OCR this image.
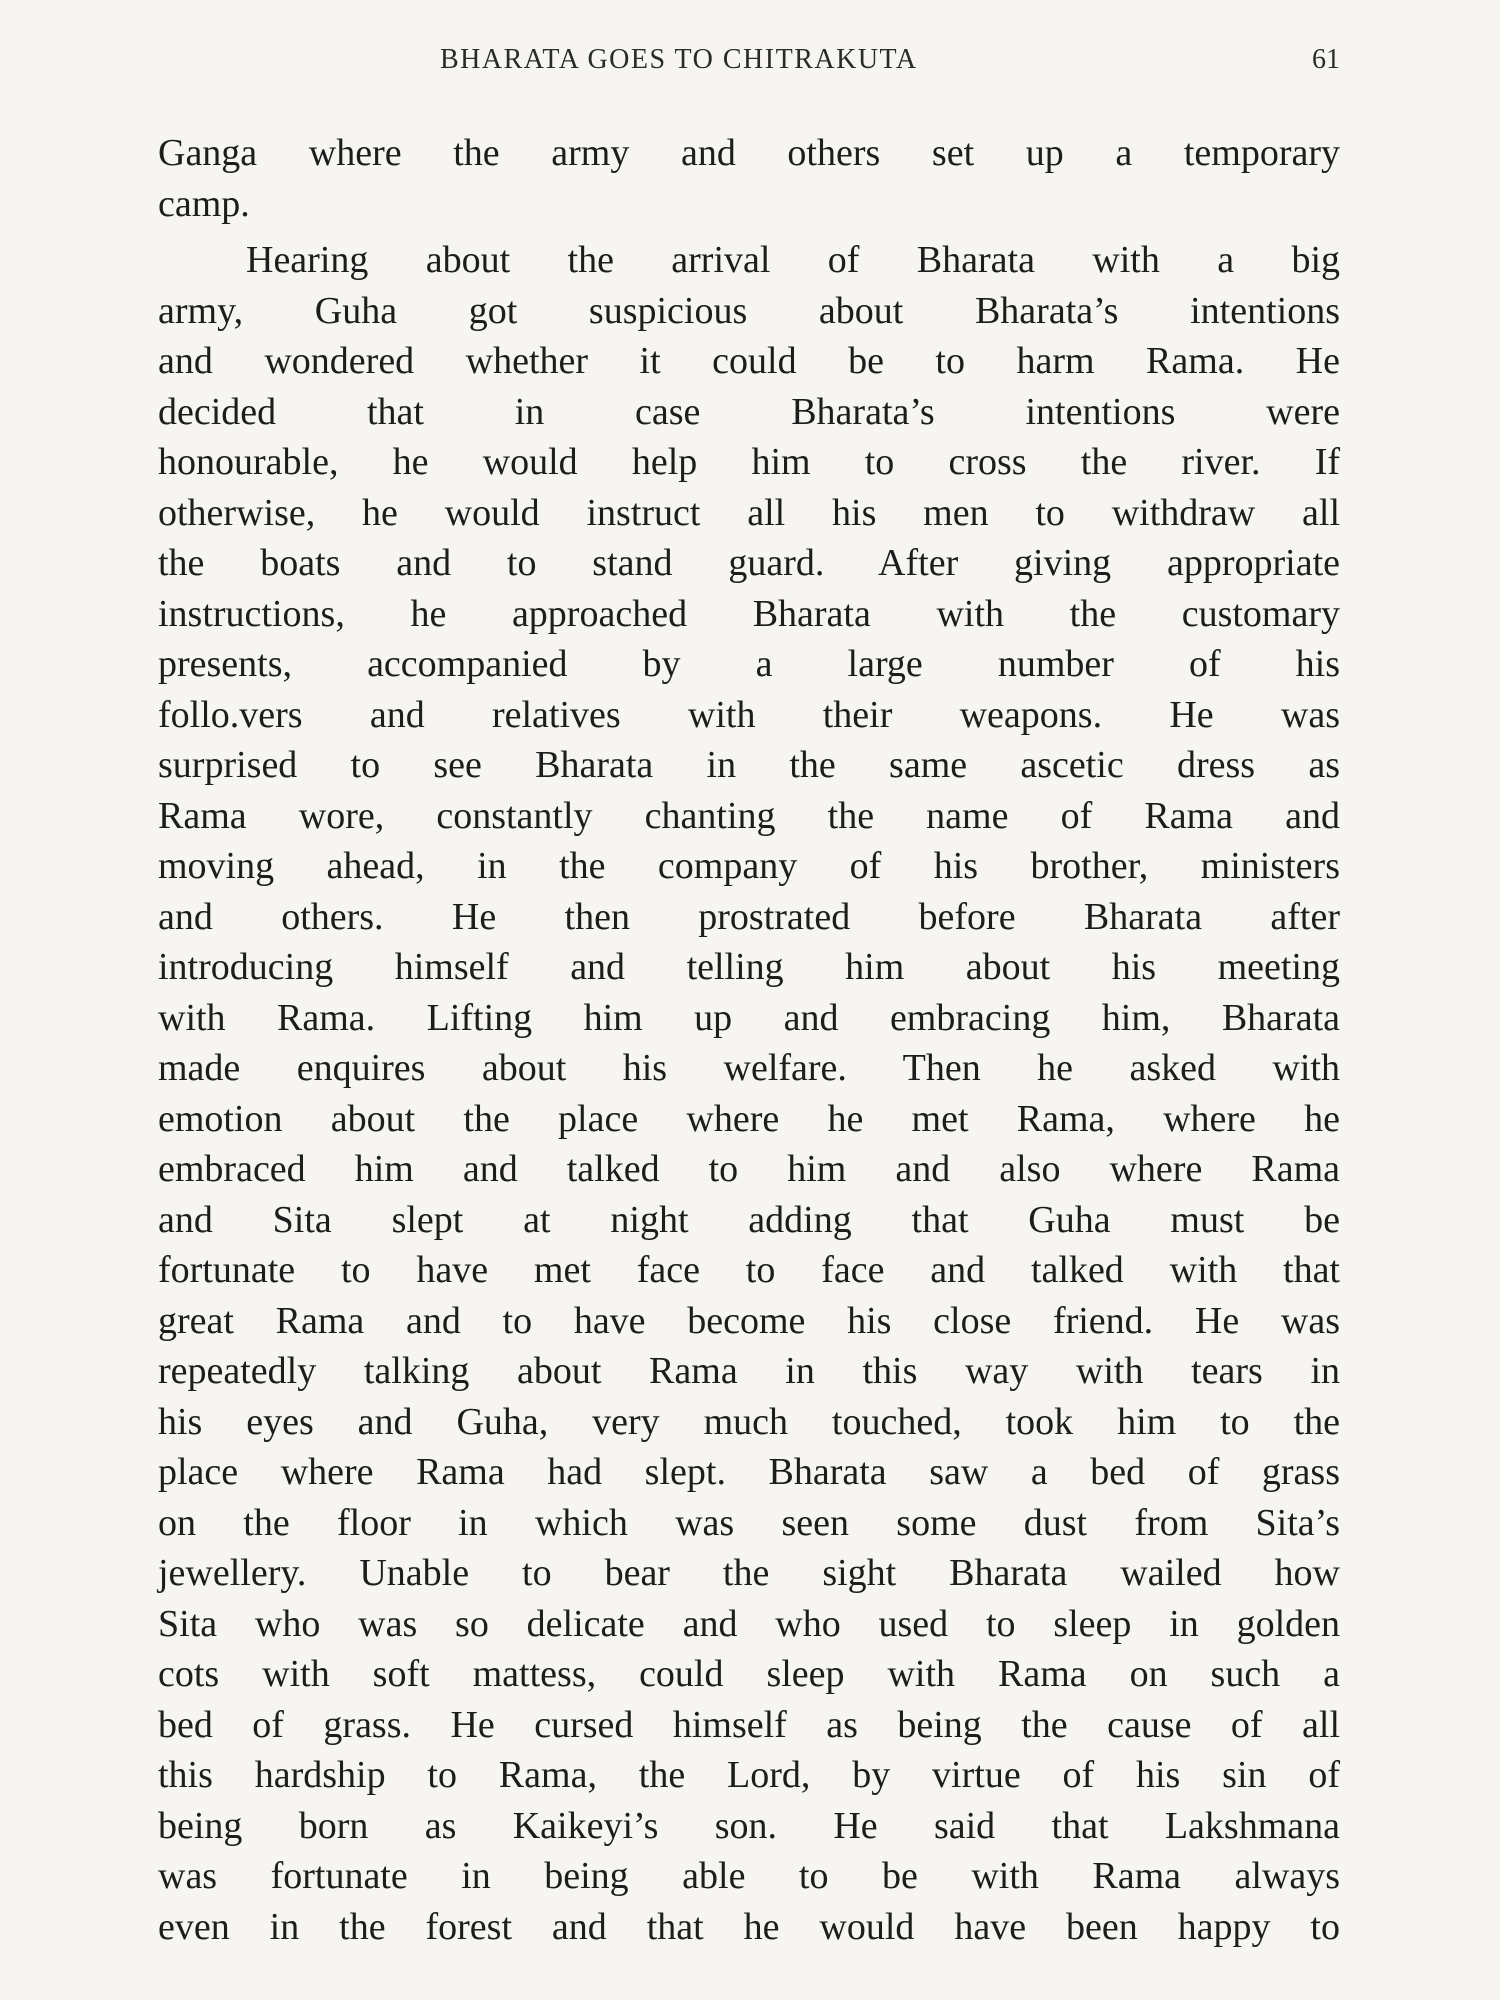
BHARATA GOES TO CHITRAKUTA	61
Ganga where the army and others set up a temporary
camp.
Hearing about the arrival of Bharata with a big
army, Guha got suspicious about Bharata’s intentions
and wondered whether it could be to harm Rama. He
decided that in case Bharata’s intentions were
honourable, he would help him to cross the river. If
otherwise, he would instruct all his men to withdraw all
the boats and to stand guard. After giving appropriate
instructions, he approached Bharata with the customary
presents, accompanied by a large number of his
follo.vers and relatives with their weapons. He was
surprised to see Bharata in the same ascetic dress as
Rama wore, constantly chanting the name of Rama and
moving ahead, in the company of his brother, ministers
and others. He then prostrated before Bharata after
introducing himself and telling him about his meeting
with Rama. Lifting him up and embracing him, Bharata
made enquires about his welfare. Then he asked with
emotion about the place where he met Rama, where he
embraced him and talked to him and also where Rama
and Sita slept at night adding that Guha must be
fortunate to have met face to face and talked with that
great Rama and to have become his close friend. He was
repeatedly talking about Rama in this way with tears in
his eyes and Guha, very much touched, took him to the
place where Rama had slept. Bharata saw a bed of grass
on the floor in which was seen some dust from Sita’s
jewellery. Unable to bear the sight Bharata wailed how
Sita who was so delicate and who used to sleep in golden
cots with soft mattess, could sleep with Rama on such a
bed of grass. He cursed himself as being the cause of all
this hardship to Rama, the Lord, by virtue of his sin of
being born as Kaikeyi’s son. He said that Lakshmana
was fortunate in being able to be with Rama always
even in the forest and that he would have been happy to
